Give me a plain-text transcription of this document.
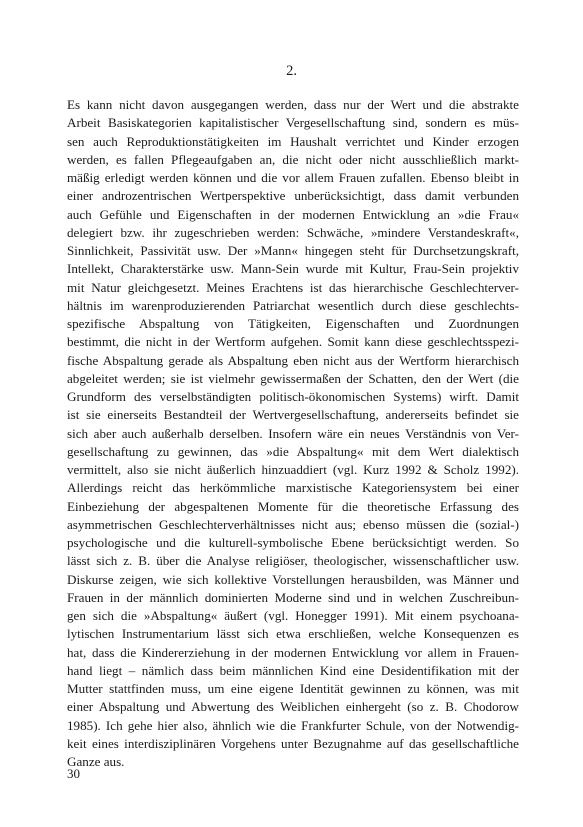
2.
Es kann nicht davon ausgegangen werden, dass nur der Wert und die abstrakte
Arbeit Basiskategorien kapitalistischer Vergesellschaftung sind, sondern es müs-
sen auch Reproduktionstätigkeiten im Haushalt verrichtet und Kinder erzogen
werden, es fallen Pflegeaufgaben an, die nicht oder nicht ausschließlich markt-
mäßig erledigt werden können und die vor allem Frauen zufallen. Ebenso bleibt in
einer androzentrischen Wertperspektive unberücksichtigt, dass damit verbunden
auch Gefühle und Eigenschaften in der modernen Entwicklung an »die Frau«
delegiert bzw. ihr zugeschrieben werden: Schwäche, »mindere Verstandeskraft«,
Sinnlichkeit, Passivität usw. Der »Mann« hingegen steht für Durchsetzungskraft,
Intellekt, Charakterstärke usw. Mann-Sein wurde mit Kultur, Frau-Sein projektiv
mit Natur gleichgesetzt. Meines Erachtens ist das hierarchische Geschlechterver-
hältnis im warenproduzierenden Patriarchat wesentlich durch diese geschlechts-
spezifische Abspaltung von Tätigkeiten, Eigenschaften und Zuordnungen
bestimmt, die nicht in der Wertform aufgehen. Somit kann diese geschlechtsspezi-
fische Abspaltung gerade als Abspaltung eben nicht aus der Wertform hierarchisch
abgeleitet werden; sie ist vielmehr gewissermaßen der Schatten, den der Wert (die
Grundform des verselbständigten politisch-ökonomischen Systems) wirft. Damit
ist sie einerseits Bestandteil der Wertvergesellschaftung, andererseits befindet sie
sich aber auch außerhalb derselben. Insofern wäre ein neues Verständnis von Ver-
gesellschaftung zu gewinnen, das »die Abspaltung« mit dem Wert dialektisch
vermittelt, also sie nicht äußerlich hinzuaddiert (vgl. Kurz 1992 & Scholz 1992).
Allerdings reicht das herkömmliche marxistische Kategoriensystem bei einer
Einbeziehung der abgespaltenen Momente für die theoretische Erfassung des
asymmetrischen Geschlechterverhältnisses nicht aus; ebenso müssen die (sozial-)
psychologische und die kulturell-symbolische Ebene berücksichtigt werden. So
lässt sich z. B. über die Analyse religiöser, theologischer, wissenschaftlicher usw.
Diskurse zeigen, wie sich kollektive Vorstellungen herausbilden, was Männer und
Frauen in der männlich dominierten Moderne sind und in welchen Zuschreibun-
gen sich die »Abspaltung« äußert (vgl. Honegger 1991). Mit einem psychoana-
lytischen Instrumentarium lässt sich etwa erschließen, welche Konsequenzen es
hat, dass die Kindererziehung in der modernen Entwicklung vor allem in Frauen-
hand liegt – nämlich dass beim männlichen Kind eine Desidentifikation mit der
Mutter stattfinden muss, um eine eigene Identität gewinnen zu können, was mit
einer Abspaltung und Abwertung des Weiblichen einhergeht (so z. B. Chodorow
1985). Ich gehe hier also, ähnlich wie die Frankfurter Schule, von der Notwendig-
keit eines interdisziplinären Vorgehens unter Bezugnahme auf das gesellschaftliche
Ganze aus.
30
